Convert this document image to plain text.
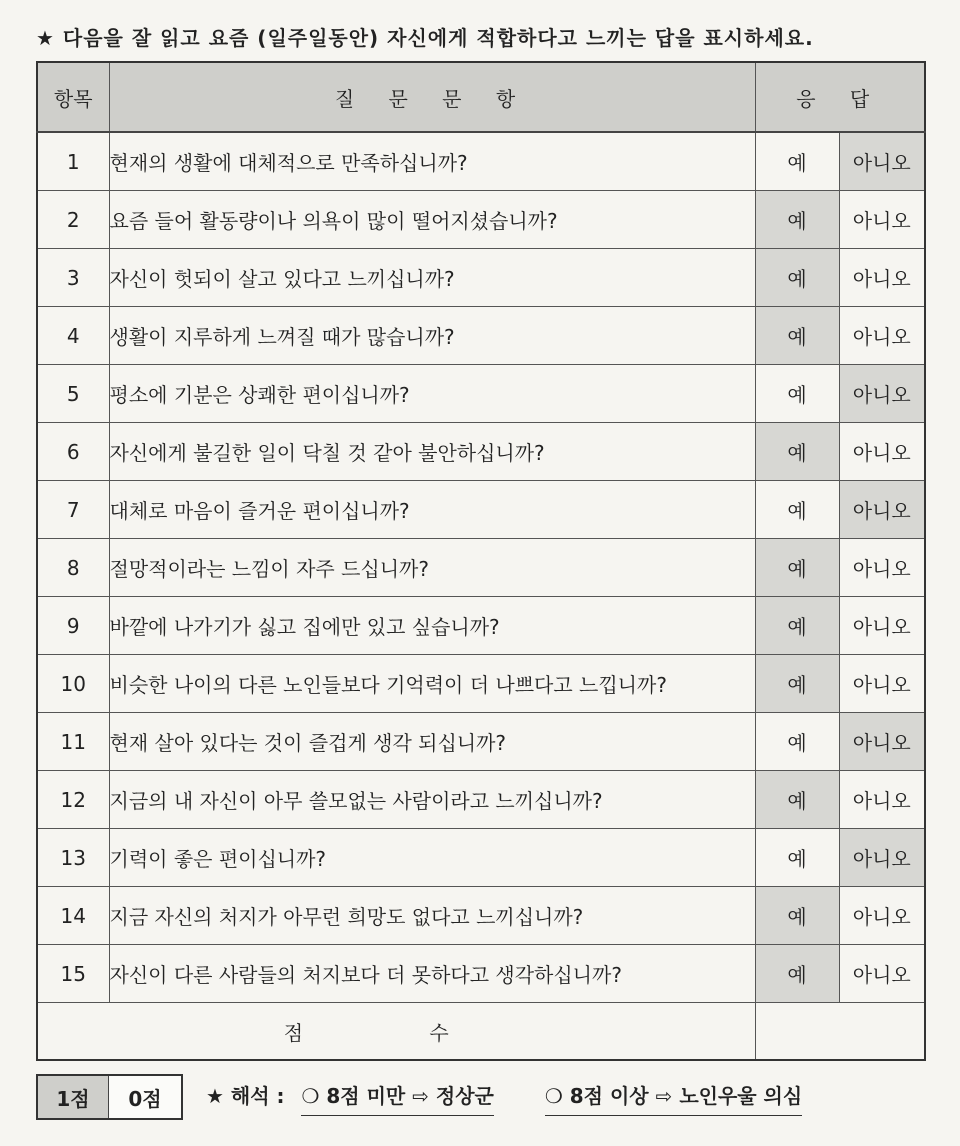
★ 다음을 잘 읽고 요즘 (일주일동안) 자신에게 적합하다고 느끼는 답을 표시하세요.
항목	질 문 문 항	응 답	
1	현재의 생활에 대체적으로 만족하십니까?	예	아니오
2	요즘 들어 활동량이나 의욕이 많이 떨어지셨습니까?	예	아니오
3	자신이 헛되이 살고 있다고 느끼십니까?	예	아니오
4	생활이 지루하게 느껴질 때가 많습니까?	예	아니오
5	평소에 기분은 상쾌한 편이십니까?	예	아니오
6	자신에게 불길한 일이 닥칠 것 같아 불안하십니까?	예	아니오
7	대체로 마음이 즐거운 편이십니까?	예	아니오
8	절망적이라는 느낌이 자주 드십니까?	예	아니오
9	바깥에 나가기가 싫고 집에만 있고 싶습니까?	예	아니오
10	비슷한 나이의 다른 노인들보다 기억력이 더 나쁘다고 느낍니까?	예	아니오
11	현재 살아 있다는 것이 즐겁게 생각 되십니까?	예	아니오
12	지금의 내 자신이 아무 쓸모없는 사람이라고 느끼십니까?	예	아니오
13	기력이 좋은 편이십니까?	예	아니오
14	지금 자신의 처지가 아무런 희망도 없다고 느끼십니까?	예	아니오
15	자신이 다른 사람들의 처지보다 더 못하다고 생각하십니까?	예	아니오
점 수			
1점	0점	★ 해석 : ❍ 8점 미만 ⇨ 정상군	❍ 8점 이상 ⇨ 노인우울 의심
